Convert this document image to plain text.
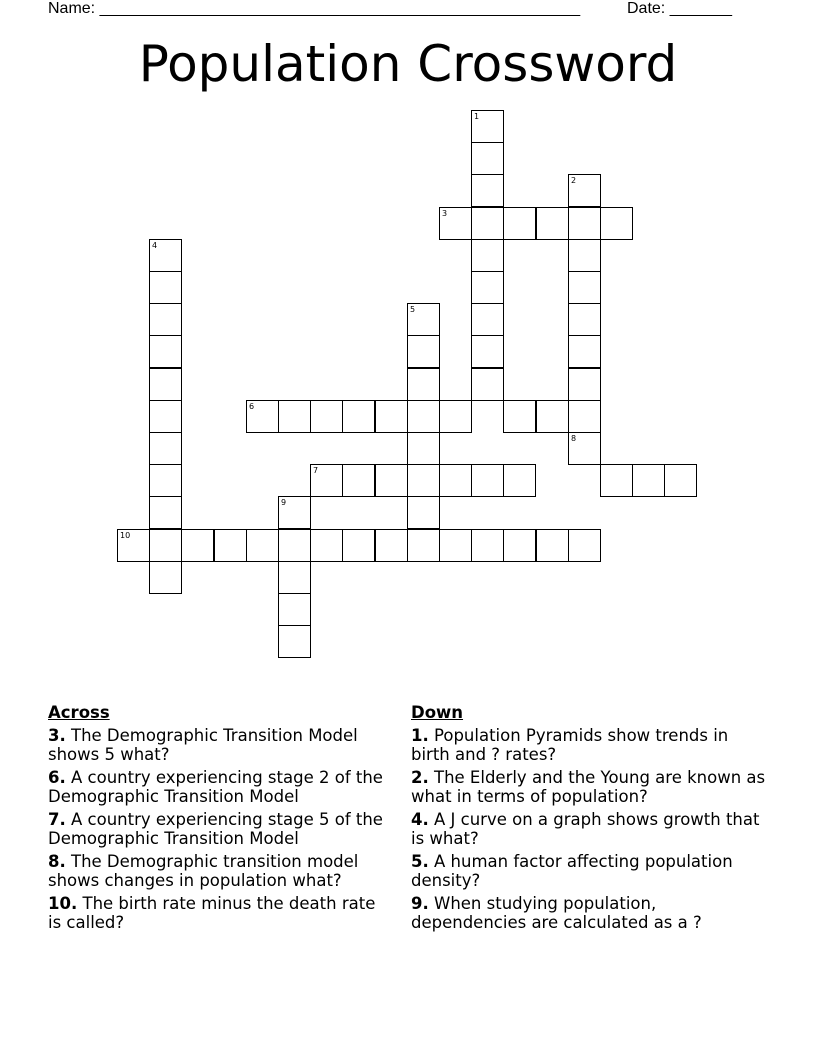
Name: ______________________________________________________	Date: _______
Population Crossword
1
2
8
3
4
5
6
7
9
10
Across
3. The Demographic Transition Model shows 5 what?
6. A country experiencing stage 2 of the Demographic Transition Model
7. A country experiencing stage 5 of the Demographic Transition Model
8. The Demographic transition model shows changes in population what?
10. The birth rate minus the death rate is called?
Down
1. Population Pyramids show trends in birth and ? rates?
2. The Elderly and the Young are known as what in terms of population?
4. A J curve on a graph shows growth that is what?
5. A human factor affecting population density?
9. When studying population, dependencies are calculated as a ?
